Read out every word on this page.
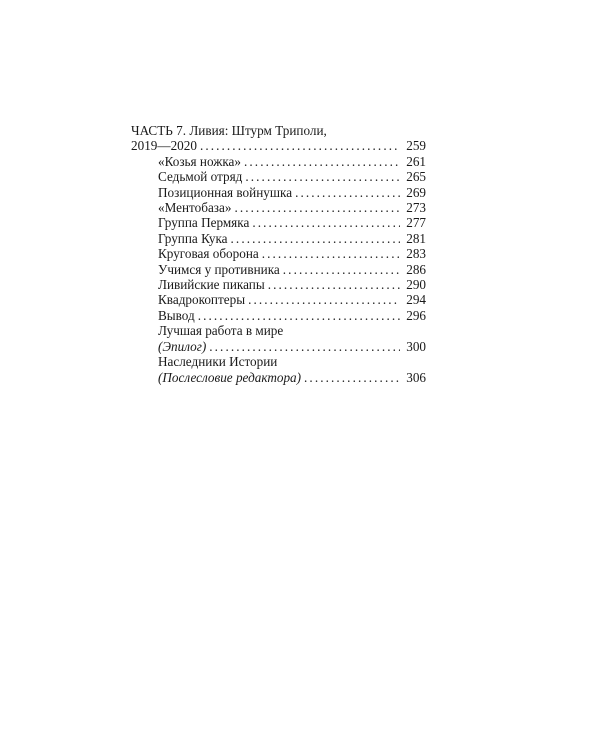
ЧАСТЬ 7. Ливия: Штурм Триполи,
2019—2020 . . .	259
«Козья ножка» . . .	261
Седьмой отряд . . .	265
Позиционная войнушка . . .	269
«Ментобаза» . . .	273
Группа Пермяка . . .	277
Группа Кука . . .	281
Круговая оборона . . .	283
Учимся у противника . . .	286
Ливийские пикапы . . .	290
Квадрокоптеры . . .	294
Вывод . . .	296
Лучшая работа в мире
(Эпилог) . . .	300
Наследники Истории
(Послесловие редактора) . . .	306
